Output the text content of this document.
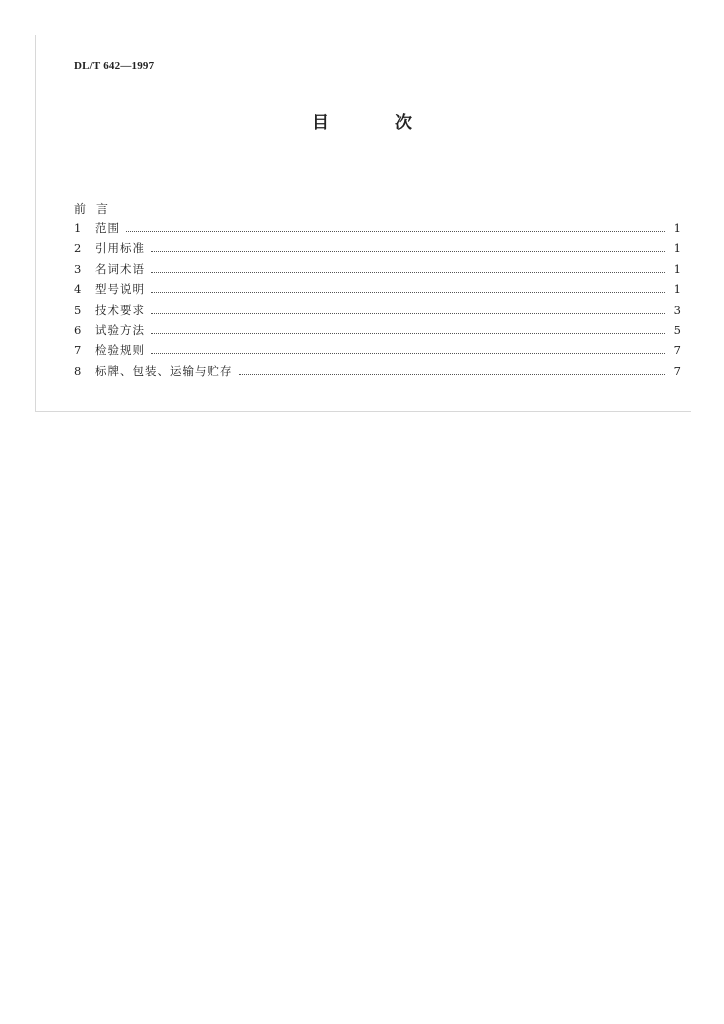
DL/T 642—1997
目	次
前言
1	范围	1
2	引用标准	1
3	名词术语	1
4	型号说明	1
5	技术要求	3
6	试验方法	5
7	检验规则	7
8	标牌、包装、运输与贮存	7
